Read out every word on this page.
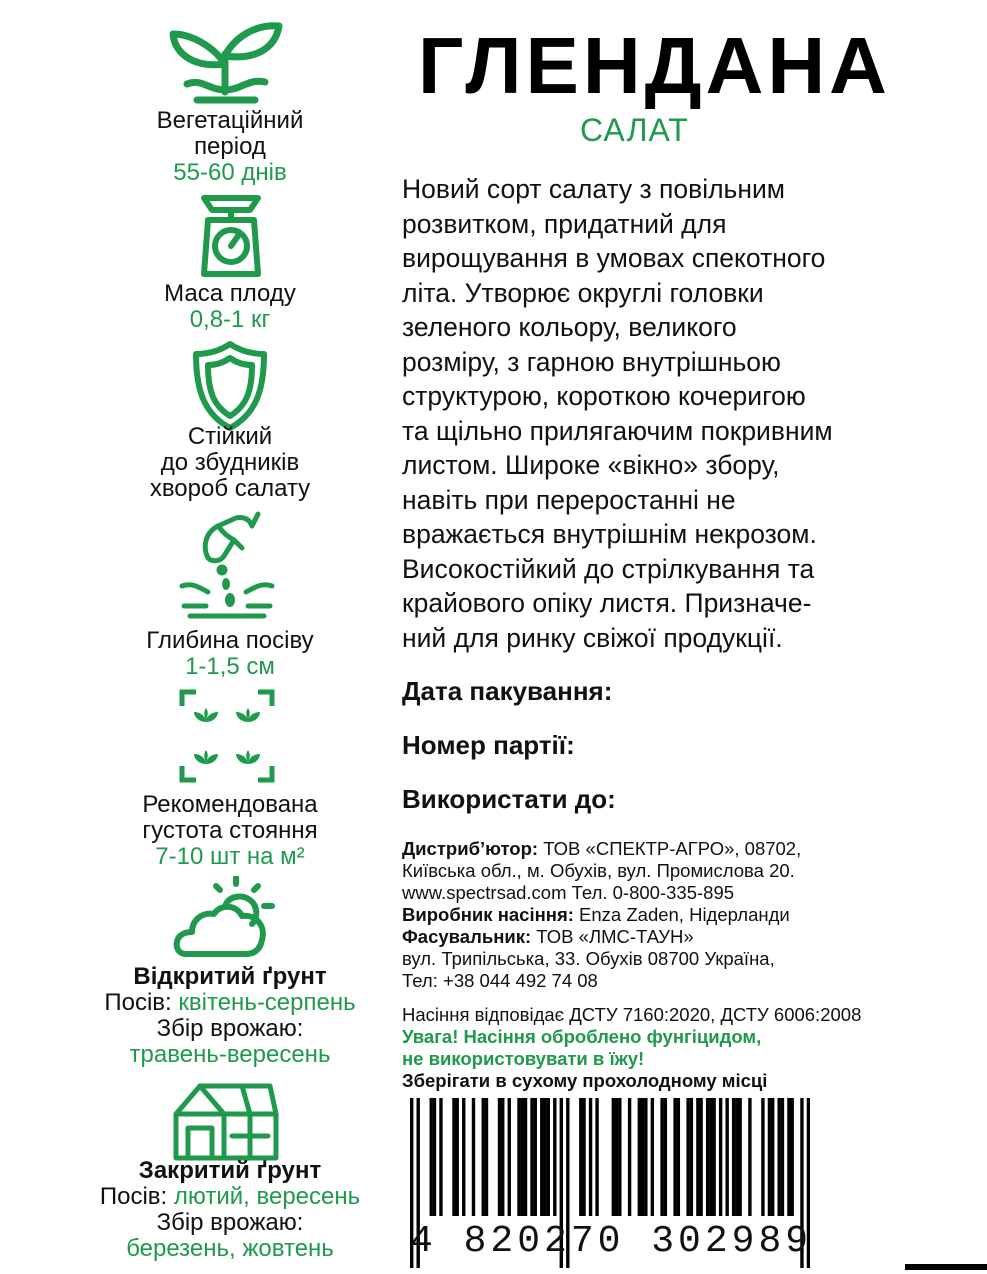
Вегетаційний
період
55-60 днів
Маса плоду
0,8-1 кг
Стійкий
до збудників
хвороб салату
Глибина посіву
1-1,5 см
Рекомендована
густота стояння
7-10 шт на м²
Відкритий ґрунт
Посів: квітень-серпень
Збір врожаю:
травень-вересень
Закритий ґрунт
Посів: лютий, вересень
Збір врожаю:
березень, жовтень
ГЛЕНДАНА
САЛАТ
Новий сорт салату з повільним
розвитком, придатний для
вирощування в умовах спекотного
літа. Утворює округлі головки
зеленого кольору, великого
розміру, з гарною внутрішньою
структурою, короткою кочеригою
та щільно прилягаючим покривним
листом. Широке «вікно» збору,
навіть при переростанні не
вражається внутрішнім некрозом.
Високостійкий до стрілкування та
крайового опіку листя. Призначе-
ний для ринку свіжої продукції.
Дата пакування:
Номер партії:
Використати до:
Дистриб’ютор: ТОВ «СПЕКТР-АГРО», 08702,
Київська обл., м. Обухів, вул. Промислова 20.
www.spectrsad.com Тел. 0-800-335-895
Виробник насіння: Enza Zaden, Нідерланди
Фасувальник: ТОВ «ЛМС-ТАУН»
вул. Трипільська, 33. Обухів 08700 Україна,
Тел: +38 044 492 74 08
Насіння відповідає ДСТУ 7160:2020, ДСТУ 6006:2008
Увага! Насіння оброблено фунгіцидом,
не використовувати в їжу!
Зберігати в сухому прохолодному місці
4 820270 302989
